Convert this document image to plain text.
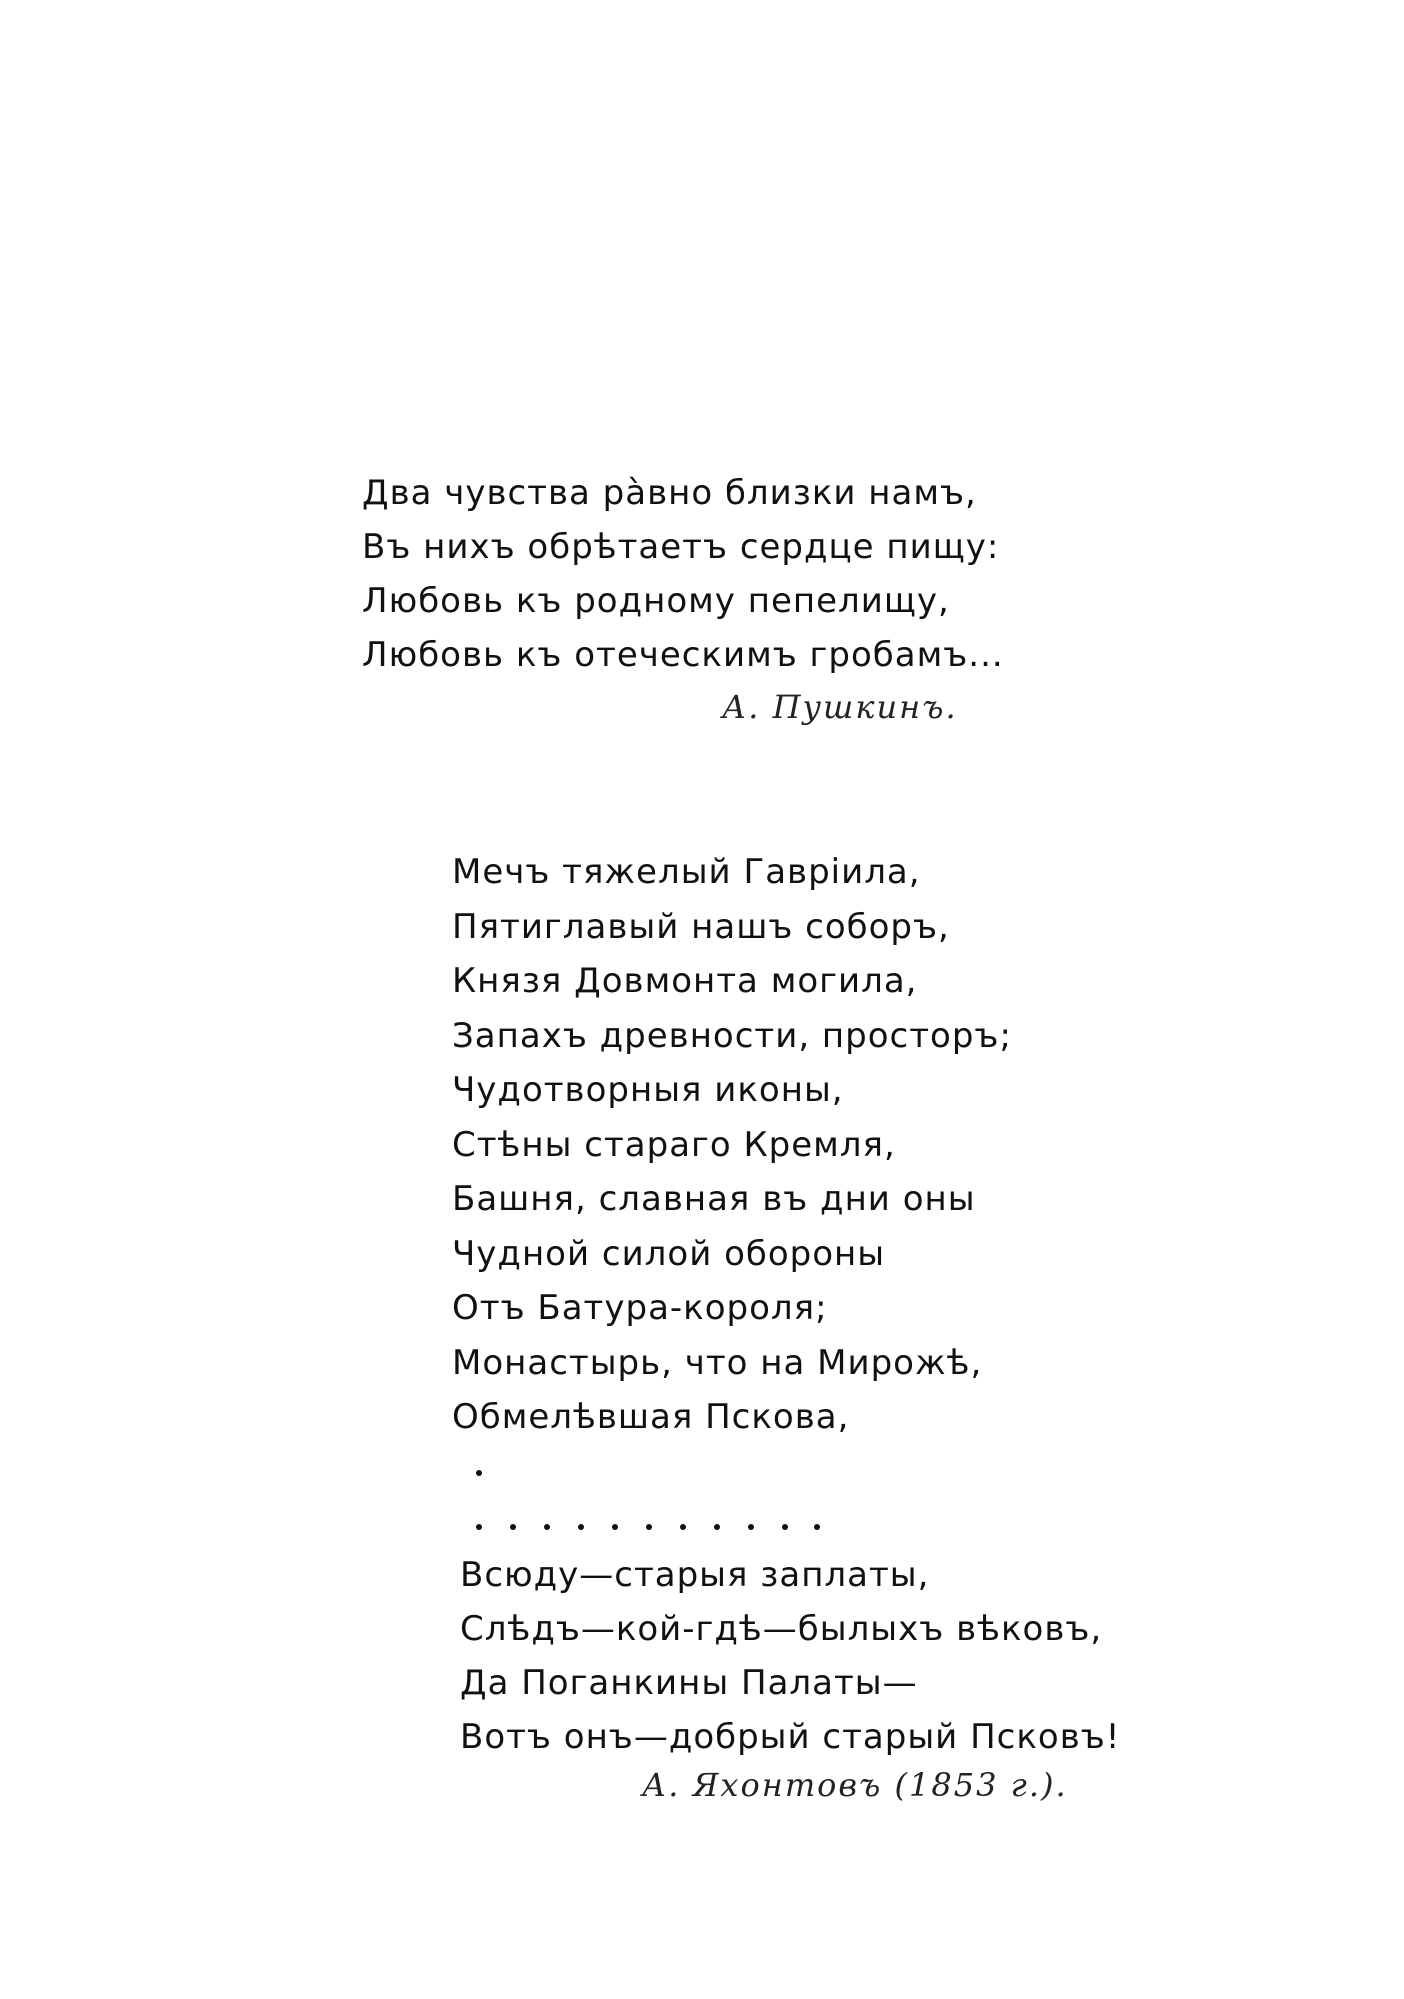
Два чувства ра̀вно близки намъ,
Въ нихъ обрѣтаетъ сердце пищу:
Любовь къ родному пепелищу,
Любовь къ отеческимъ гробамъ...
А. Пушкинъ.
Мечъ тяжелый Гавріила,
Пятиглавый нашъ соборъ,
Князя Довмонта могила,
Запахъ древности, просторъ;
Чудотворныя иконы,
Стѣны стараго Кремля,
Башня, славная въ дни оны
Чудной силой обороны
Отъ Батура-короля;
Монастырь, что на Мирожѣ,
Обмелѣвшая Пскова,
Всюду—старыя заплаты,
Слѣдъ—кой-гдѣ—былыхъ вѣковъ,
Да Поганкины Палаты—
Вотъ онъ—добрый старый Псковъ!
А. Яхонтовъ (1853 г.).
